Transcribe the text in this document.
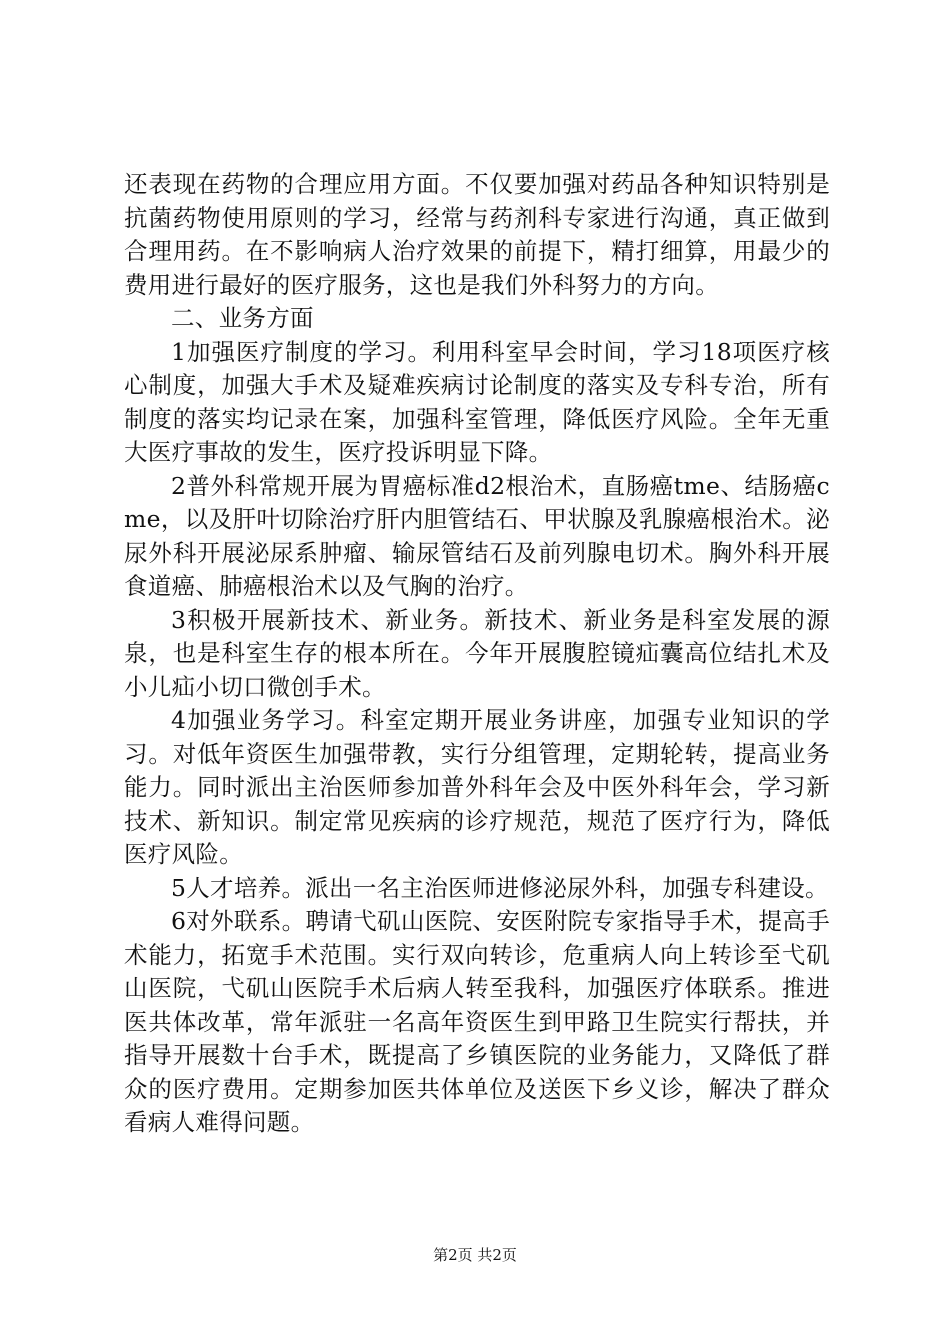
还表现在药物的合理应用方面。不仅要加强对药品各种知识特别是抗菌药物使用原则的学习，经常与药剂科专家进行沟通，真正做到合理用药。在不影响病人治疗效果的前提下，精打细算，用最少的费用进行最好的医疗服务，这也是我们外科努力的方向。

二、业务方面

1加强医疗制度的学习。利用科室早会时间，学习18项医疗核心制度，加强大手术及疑难疾病讨论制度的落实及专科专治，所有制度的落实均记录在案，加强科室管理，降低医疗风险。全年无重大医疗事故的发生，医疗投诉明显下降。

2普外科常规开展为胃癌标准d2根治术，直肠癌tme、结肠癌cme，以及肝叶切除治疗肝内胆管结石、甲状腺及乳腺癌根治术。泌尿外科开展泌尿系肿瘤、输尿管结石及前列腺电切术。胸外科开展食道癌、肺癌根治术以及气胸的治疗。

3积极开展新技术、新业务。新技术、新业务是科室发展的源泉，也是科室生存的根本所在。今年开展腹腔镜疝囊高位结扎术及小儿疝小切口微创手术。

4加强业务学习。科室定期开展业务讲座，加强专业知识的学习。对低年资医生加强带教，实行分组管理，定期轮转，提高业务能力。同时派出主治医师参加普外科年会及中医外科年会，学习新技术、新知识。制定常见疾病的诊疗规范，规范了医疗行为，降低医疗风险。

5人才培养。派出一名主治医师进修泌尿外科，加强专科建设。

6对外联系。聘请弋矶山医院、安医附院专家指导手术，提高手术能力，拓宽手术范围。实行双向转诊，危重病人向上转诊至弋矶山医院，弋矶山医院手术后病人转至我科，加强医疗体联系。推进医共体改革，常年派驻一名高年资医生到甲路卫生院实行帮扶，并指导开展数十台手术，既提高了乡镇医院的业务能力，又降低了群众的医疗费用。定期参加医共体单位及送医下乡义诊，解决了群众看病人难得问题。

第2页 共2页
